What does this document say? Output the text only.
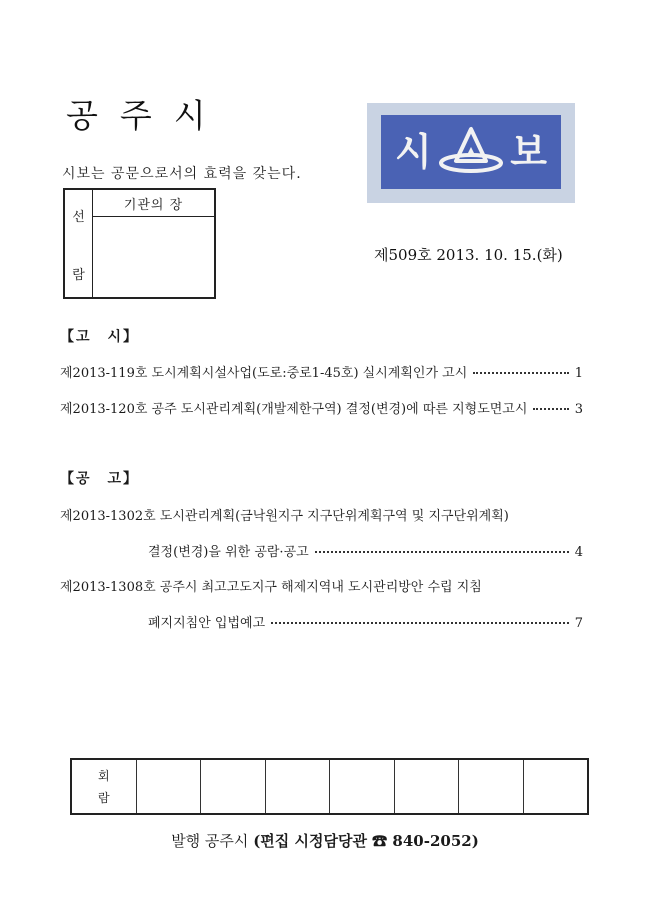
공주시
시 보
시보는 공문으로서의 효력을 갖는다.
선
람
기관의 장
제509호 2013. 10. 15.(화)
【고　시】
제2013-119호 도시계획시설사업(도로:중로1-45호) 실시계획인가 고시	1
제2013-120호 공주 도시관리계획(개발제한구역) 결정(변경)에 따른 지형도면고시	3
【공　고】
제2013-1302호 도시관리계획(금낙원지구 지구단위계획구역 및 지구단위계획)
결정(변경)을 위한 공람·공고	4
제2013-1308호 공주시 최고고도지구 해제지역내 도시관리방안 수립 지침
폐지지침안 입법예고	7
회
람
발행 공주시 (편집 시정담당관 ☎ 840-2052)
